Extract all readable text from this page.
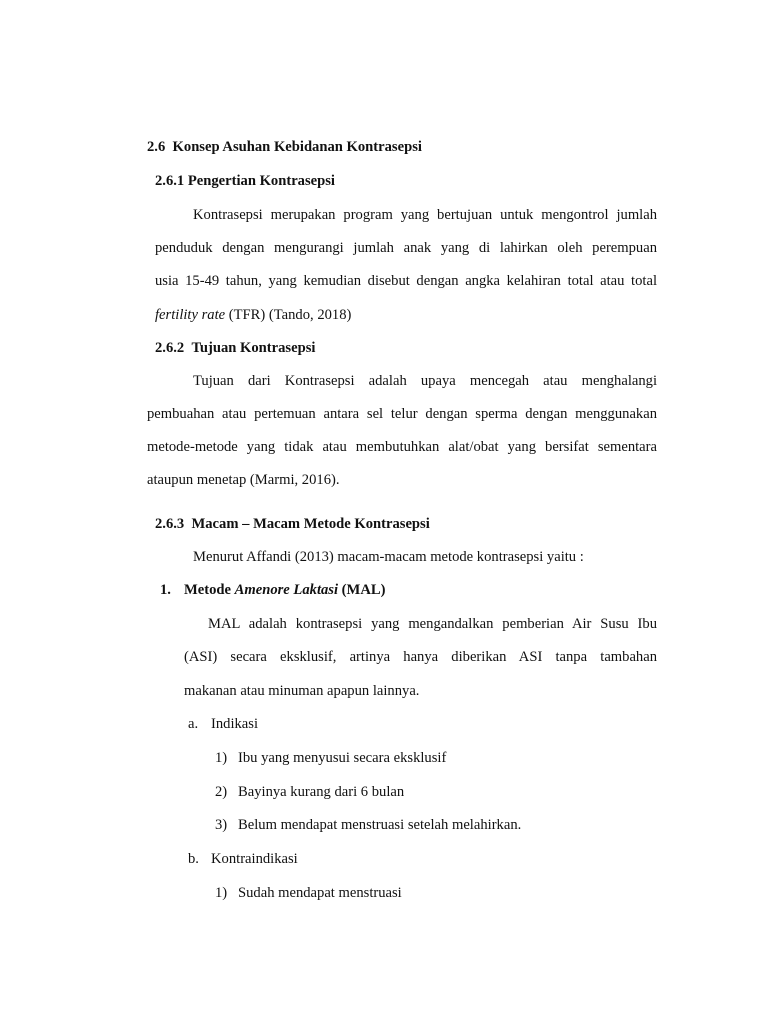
2.6 Konsep Asuhan Kebidanan Kontrasepsi
2.6.1 Pengertian Kontrasepsi
Kontrasepsi merupakan program yang bertujuan untuk mengontrol jumlah
penduduk dengan mengurangi jumlah anak yang di lahirkan oleh perempuan
usia 15-49 tahun, yang kemudian disebut dengan angka kelahiran total atau total
fertility rate (TFR) (Tando, 2018)
2.6.2 Tujuan Kontrasepsi
Tujuan dari Kontrasepsi adalah upaya mencegah atau menghalangi
pembuahan atau pertemuan antara sel telur dengan sperma dengan menggunakan
metode-metode yang tidak atau membutuhkan alat/obat yang bersifat sementara
ataupun menetap (Marmi, 2016).
2.6.3 Macam – Macam Metode Kontrasepsi
Menurut Affandi (2013) macam-macam metode kontrasepsi yaitu :
1. Metode Amenore Laktasi (MAL)
MAL adalah kontrasepsi yang mengandalkan pemberian Air Susu Ibu
(ASI) secara eksklusif, artinya hanya diberikan ASI tanpa tambahan
makanan atau minuman apapun lainnya.
a. Indikasi
1) Ibu yang menyusui secara eksklusif
2) Bayinya kurang dari 6 bulan
3) Belum mendapat menstruasi setelah melahirkan.
b. Kontraindikasi
1) Sudah mendapat menstruasi
